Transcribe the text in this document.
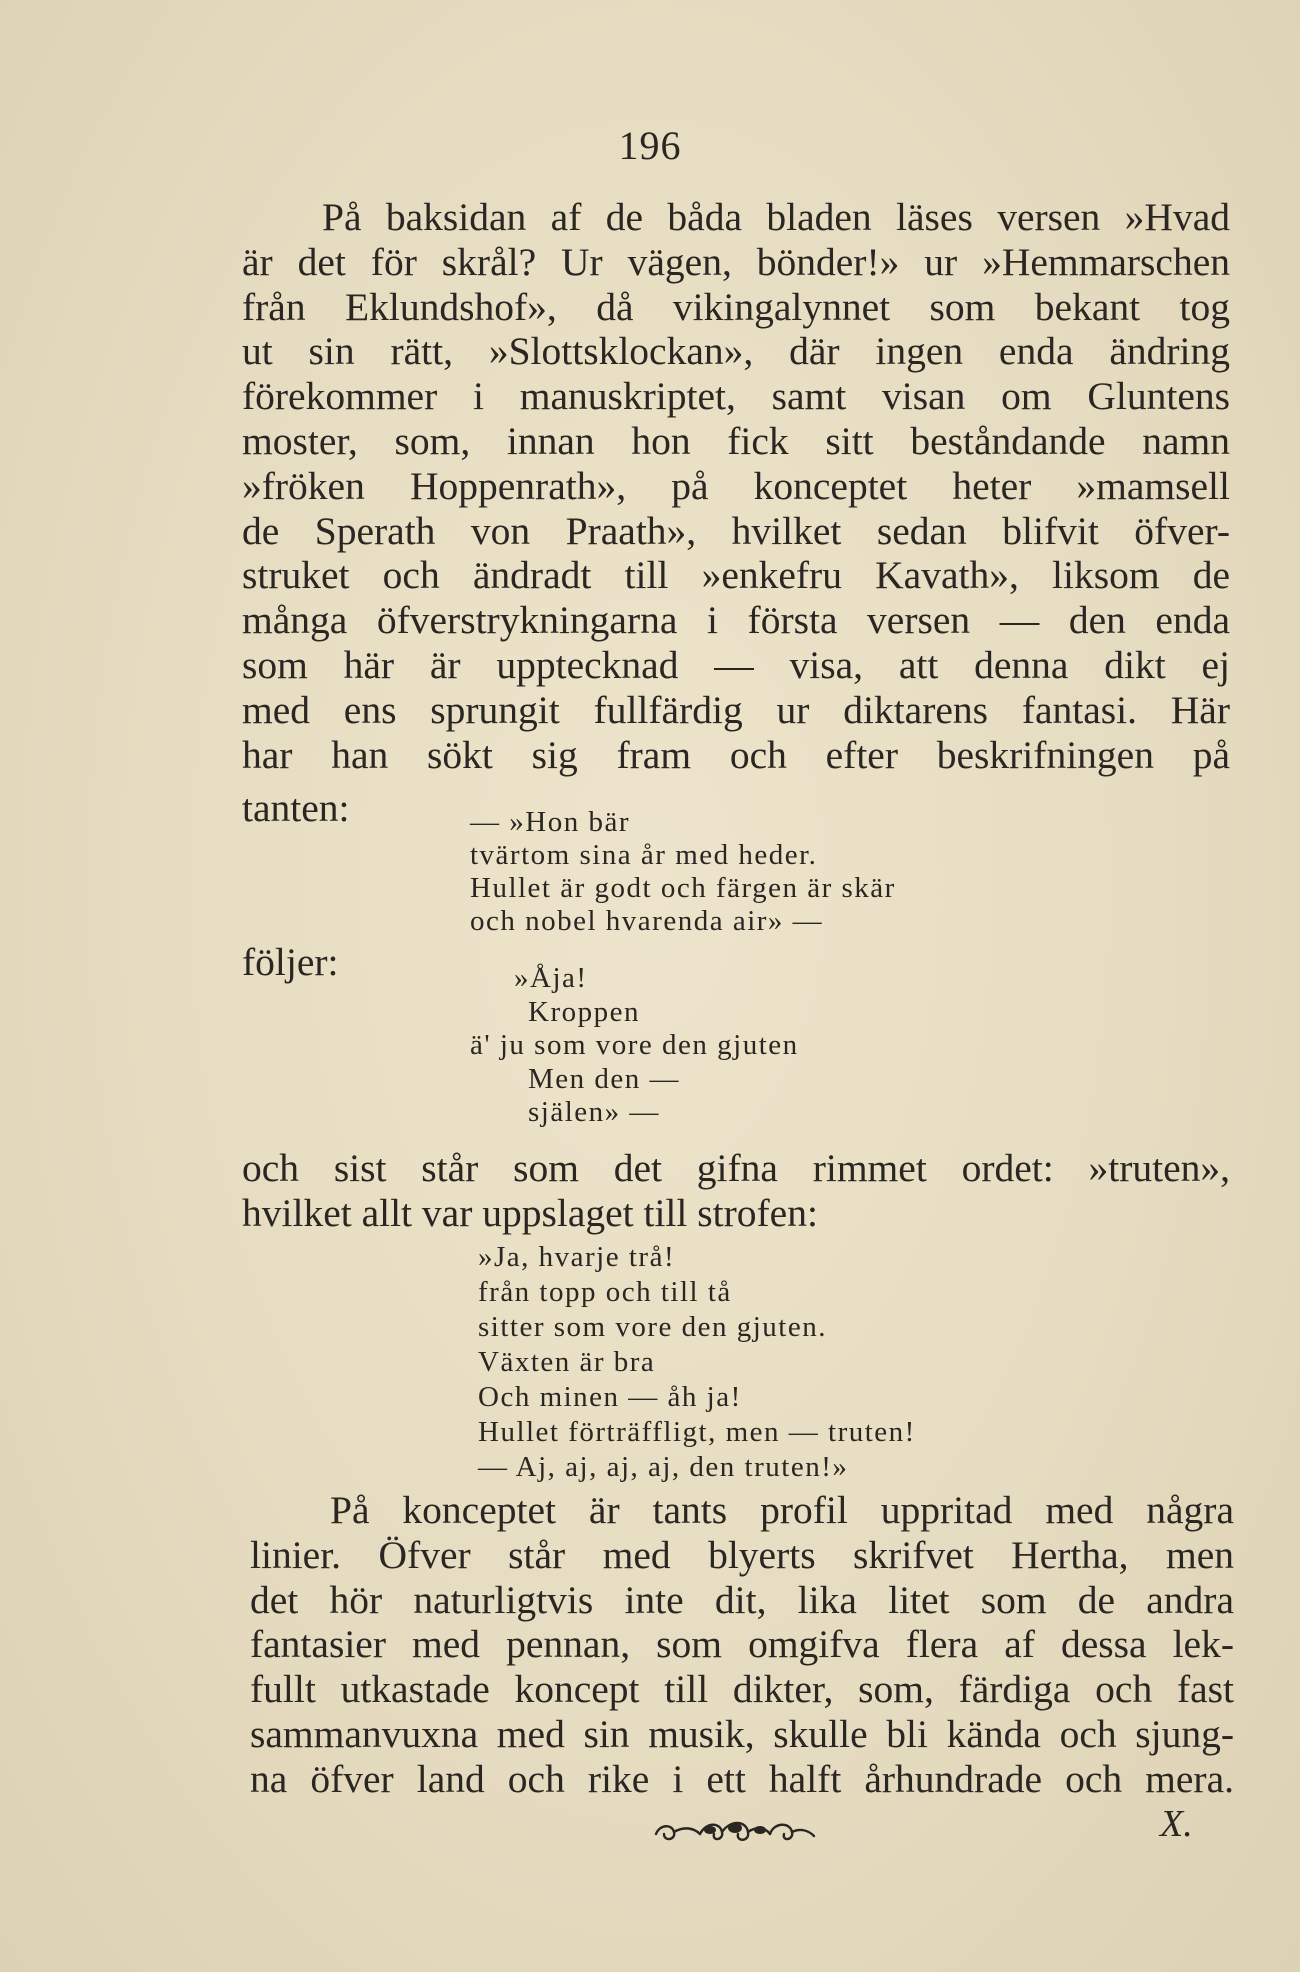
196
På baksidan af de båda bladen läses versen »Hvad
är det för skrål? Ur vägen, bönder!» ur »Hemmarschen
från Eklundshof», då vikingalynnet som bekant tog
ut sin rätt, »Slottsklockan», där ingen enda ändring
förekommer i manuskriptet, samt visan om Gluntens
moster, som, innan hon fick sitt beståndande namn
»fröken Hoppenrath», på konceptet heter »mamsell
de Sperath von Praath», hvilket sedan blifvit öfver-
struket och ändradt till »enkefru Kavath», liksom de
många öfverstrykningarna i första versen — den enda
som här är upptecknad — visa, att denna dikt ej
med ens sprungit fullfärdig ur diktarens fantasi. Här
har han sökt sig fram och efter beskrifningen på
tanten:
följer:
— »Hon bär
tvärtom sina år med heder.
Hullet är godt och färgen är skär
och nobel hvarenda air» —
»Åja!
Kroppen
ä' ju som vore den gjuten
Men den —
själen» —
och sist står som det gifna rimmet ordet: »truten»,
hvilket allt var uppslaget till strofen:
»Ja, hvarje trå!
från topp och till tå
sitter som vore den gjuten.
Växten är bra
Och minen — åh ja!
Hullet förträffligt, men — truten!
— Aj, aj, aj, aj, den truten!»
På konceptet är tants profil uppritad med några
linier. Öfver står med blyerts skrifvet Hertha, men
det hör naturligtvis inte dit, lika litet som de andra
fantasier med pennan, som omgifva flera af dessa lek-
fullt utkastade koncept till dikter, som, färdiga och fast
sammanvuxna med sin musik, skulle bli kända och sjung-
na öfver land och rike i ett halft århundrade och mera.
X.
